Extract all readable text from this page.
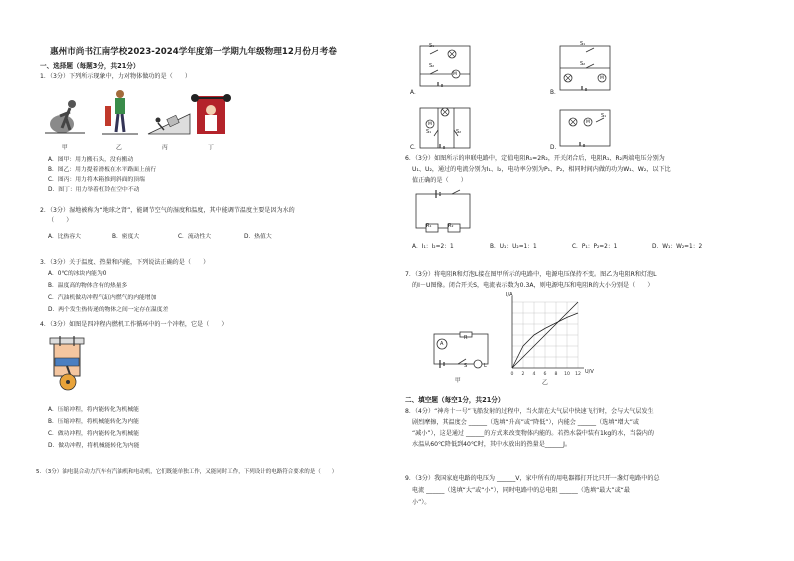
惠州市尚书江南学校2023-2024学年度第一学期九年级物理12月份月考卷
一、选择题（每题3分，共21分）
1．（3分）下列所示现象中，力对物体做功的是（　　）
甲	乙	丙	丁
A．图甲：用力搬石头，没有搬动
B．图乙：用力提着滑板在水平路面上前行
C．图丙：用力将木箱推到斜面的顶端
D．图丁：用力举着杠铃在空中不动
2．（3分）湿地被称为“地球之肾”，能调节空气的湿度和温度，其中能调节温度主要是因为水的
（　　）
A．比热容大	B．密度大	C．流动性大	D．热值大
3．（3分）关于温度、热量和内能，下列说法正确的是（　　）
A．0℃的冰块内能为0
B．温度高的物体含有的热量多
C．汽油机做功冲程气缸内燃气的内能增加
D．两个发生热传递的物体之间一定存在温度差
4．（3分）如图是四冲程内燃机工作循环中的一个冲程，它是（　　）
A．压缩冲程，将内能转化为机械能
B．压缩冲程，将机械能转化为内能
C．做功冲程，将内能转化为机械能
D．做功冲程，将机械能转化为内能
5．（3分）油电混合动力汽车有汽油机和电动机，它们既能单独工作，又能同时工作，下列设计的电路符合要求的是（　　）
S₁
S₂
M
S₁
S₂
M
S₁	S₂
M	M
S₁
A．	B．
C．	D．
6．（3分）如图所示的串联电路中，定值电阻R₁=2R₂，开关闭合后，电阻R₁、R₂两端电压分别为
U₁、U₂，通过的电流分别为I₁、I₂，电功率分别为P₁、P₂，相同时间内做的功为W₁、W₂，以下比
值正确的是（　　）
R₁	R₂
A．I₁：I₂=2：1	B．U₁：U₂=1：1	C．P₁：P₂=2：1	D．W₁：W₂=1：2
7．（3分）将电阻R和灯泡L接在图甲所示的电路中，电源电压保持不变。图乙为电阻R和灯泡L
的I－U图像。闭合开关S，电流表示数为0.3A，则电源电压和电阻R的大小分别是（　　）
A
R
L
S
甲
0 2 4 6 8 10 12
I/A
U/V
乙
二、填空题（每空1分，共21分）
8．（4分）“神舟十一号”飞船发射的过程中，当火箭在大气层中快速飞行时，会与大气层发生
剧烈摩擦，其温度会 ______（选填“升高”或“降低”），内能会 ______（选填“增大”或
“减小”），这是通过 ______的方式来改变物体内能的。若热水袋中装有1kg的水，当袋内的
水温从60℃降低到40℃时，其中水放出的热量是______J。
9．（3分）我国家庭电路的电压为 ______V，家中所有的用电器都打开比只开一盏灯电路中的总
电流 ______（选填“大”或“小”），同时电路中的总电阻 ______（选填“最大”或“最
小”）。
